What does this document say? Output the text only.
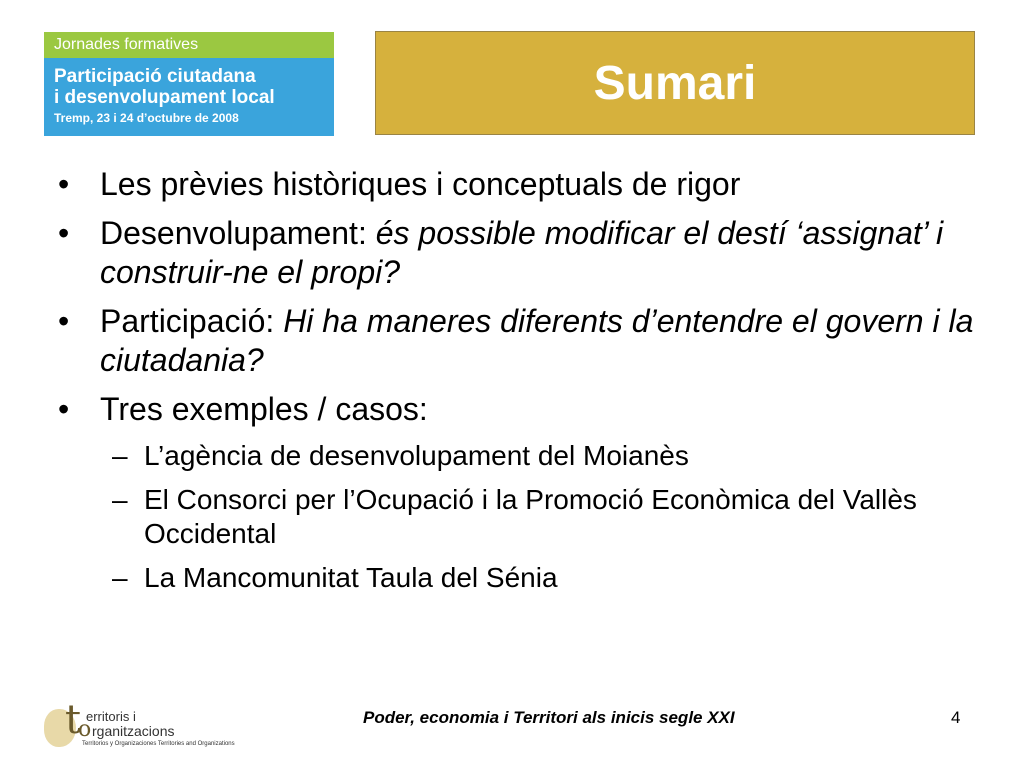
Jornades formatives
Participació ciutadana
i desenvolupament local
Tremp, 23 i 24 d’octubre de 2008
Sumari
• Les prèvies històriques i conceptuals de rigor
• Desenvolupament: és possible modificar el destí ‘assignat’ i construir-ne el propi?
• Participació: Hi ha maneres diferents d’entendre el govern i la ciutadania?
• Tres exemples / casos:
– L’agència de desenvolupament del Moianès
– El Consorci per l’Ocupació i la Promoció Econòmica del Vallès Occidental
– La Mancomunitat Taula del Sénia
t erritoris i
o rganitzacions
Territorios y Organizaciones Territories and Organizations
Poder, economia i Territori als inicis segle XXI	4
